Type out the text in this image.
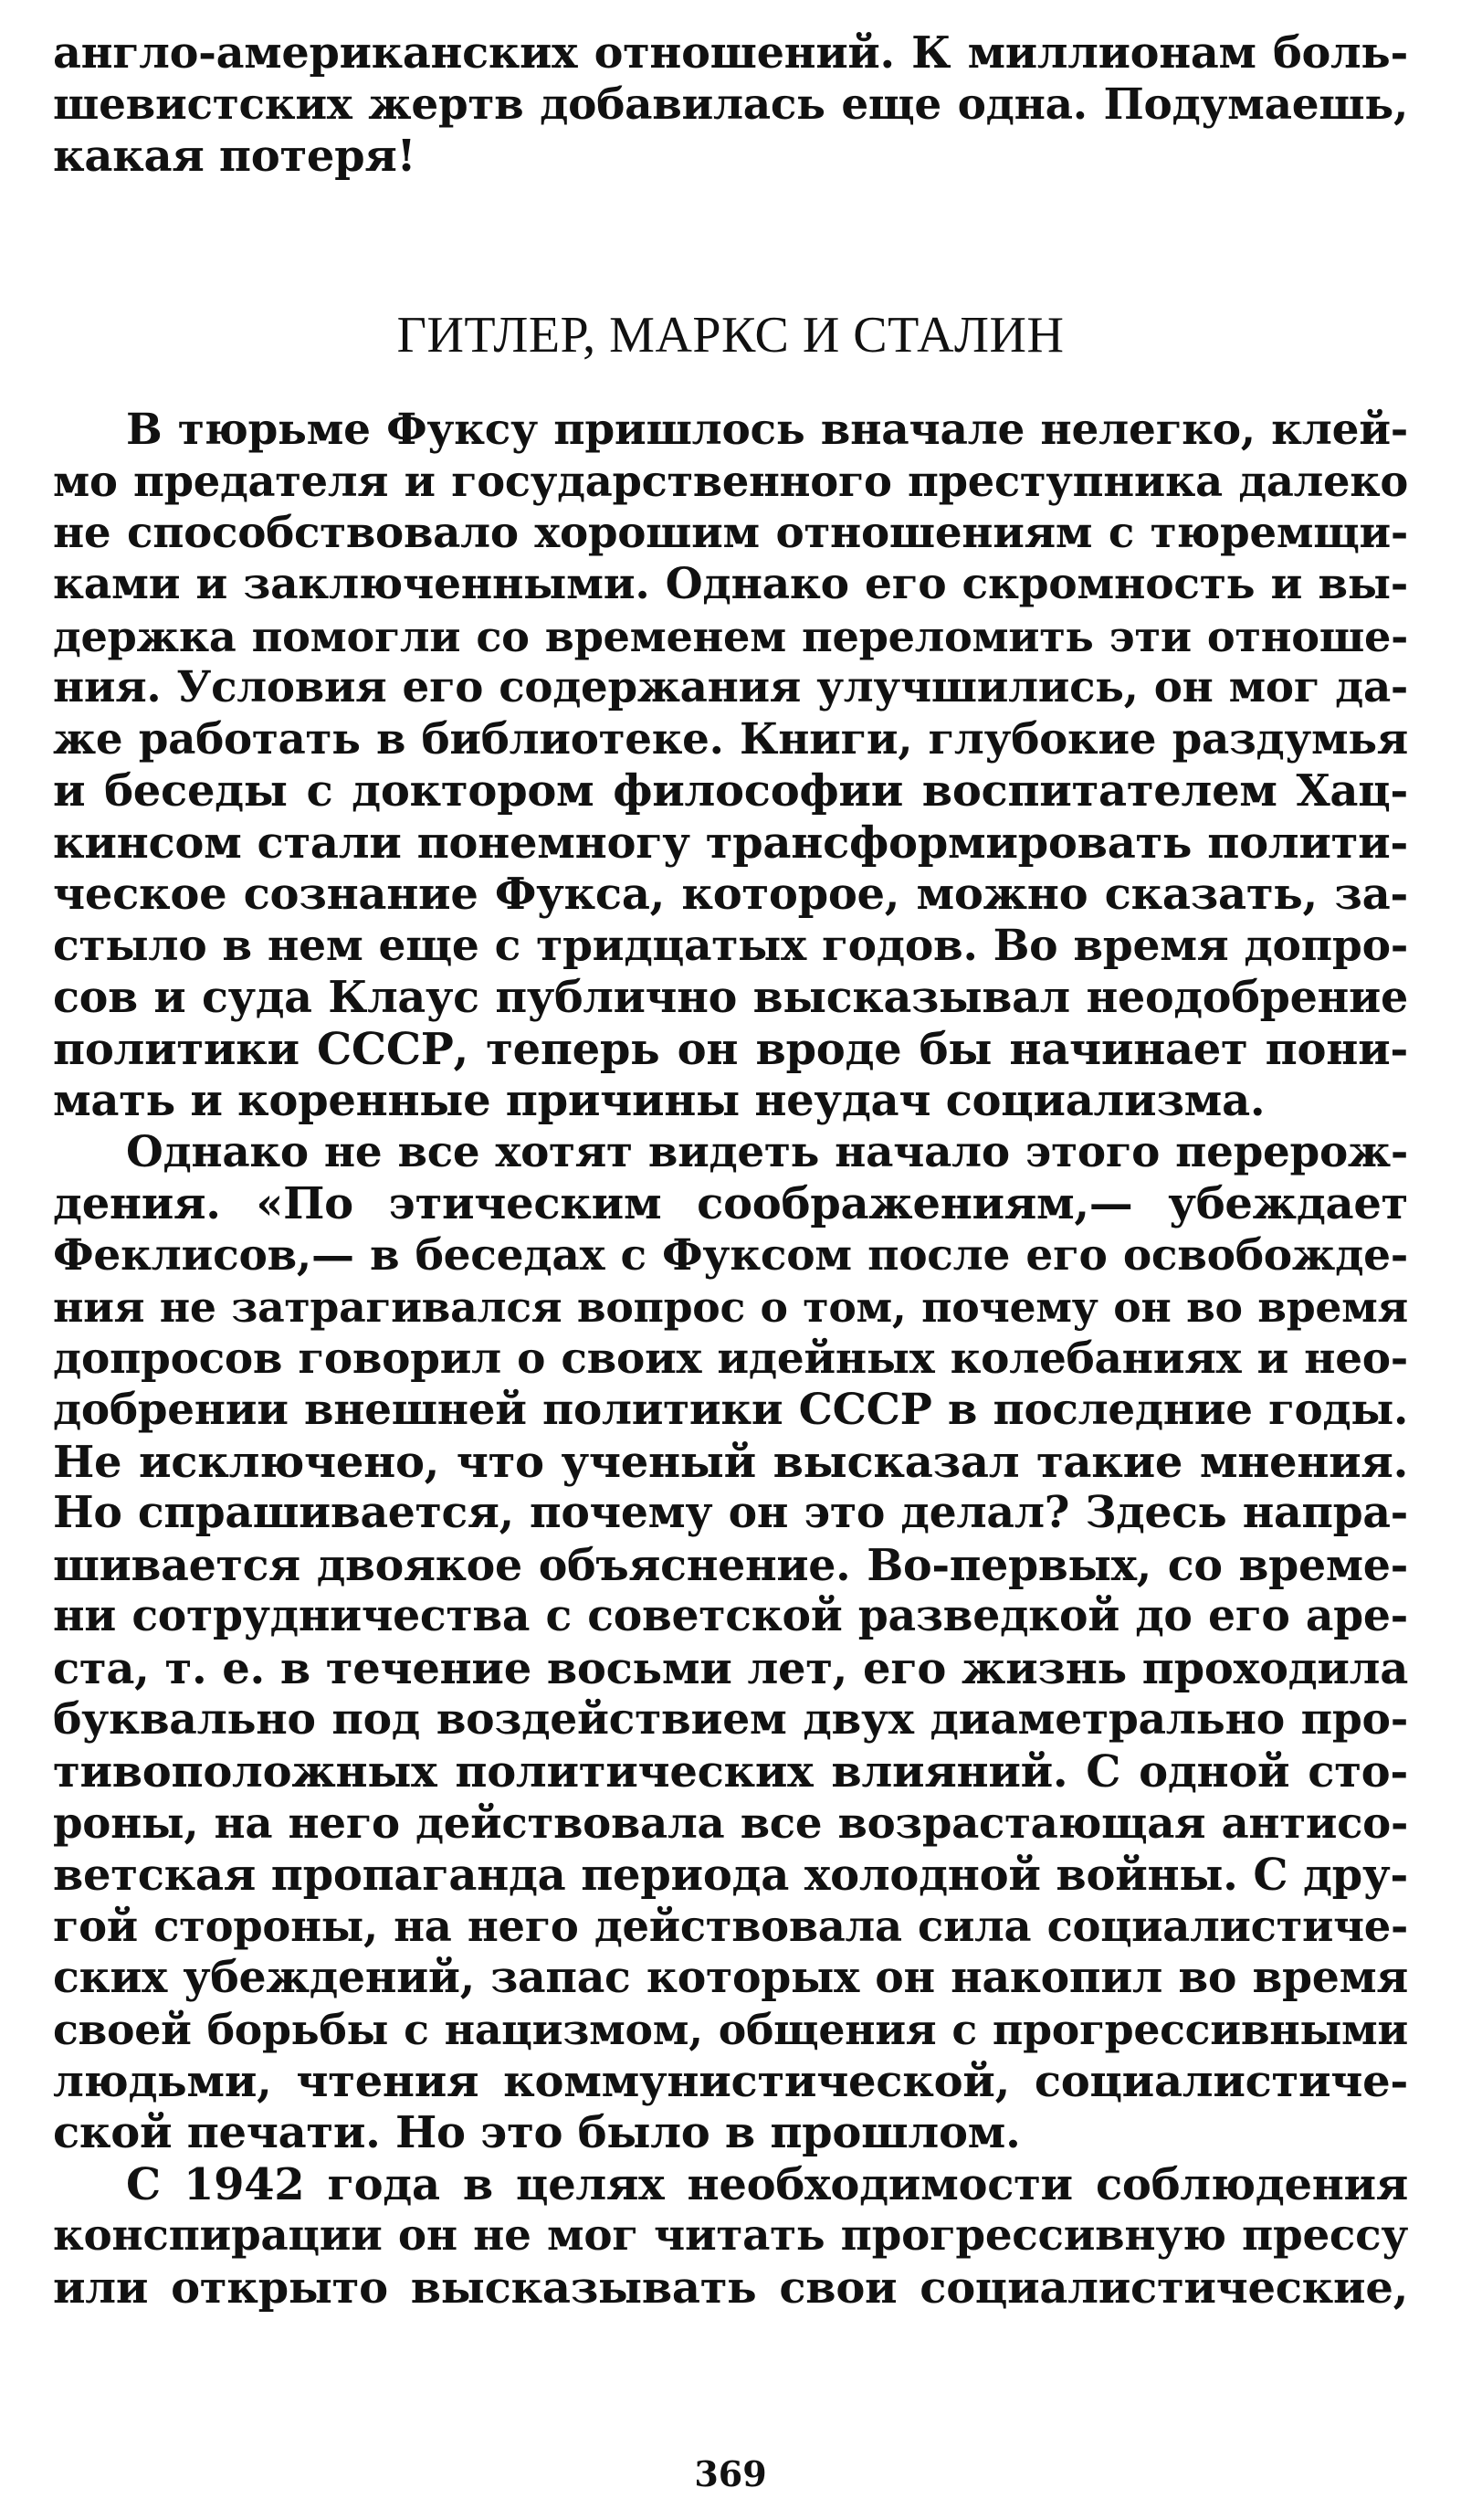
англо-американских отношений. К миллионам боль-
шевистских жертв добавилась еще одна. Подумаешь,
какая потеря!
ГИТЛЕР, МАРКС И СТАЛИН
В тюрьме Фуксу пришлось вначале нелегко, клей-
мо предателя и государственного преступника далеко
не способствовало хорошим отношениям с тюремщи-
ками и заключенными. Однако его скромность и вы-
держка помогли со временем переломить эти отноше-
ния. Условия его содержания улучшились, он мог да-
же работать в библиотеке. Книги, глубокие раздумья
и беседы с доктором философии воспитателем Хац-
кинсом стали понемногу трансформировать полити-
ческое сознание Фукса, которое, можно сказать, за-
стыло в нем еще с тридцатых годов. Во время допро-
сов и суда Клаус публично высказывал неодобрение
политики СССР, теперь он вроде бы начинает пони-
мать и коренные причины неудач социализма.
Однако не все хотят видеть начало этого перерож-
дения. «По этическим соображениям,— убеждает
Феклисов,— в беседах с Фуксом после его освобожде-
ния не затрагивался вопрос о том, почему он во время
допросов говорил о своих идейных колебаниях и нео-
добрении внешней политики СССР в последние годы.
Не исключено, что ученый высказал такие мнения.
Но спрашивается, почему он это делал? Здесь напра-
шивается двоякое объяснение. Во-первых, со време-
ни сотрудничества с советской разведкой до его аре-
ста, т. е. в течение восьми лет, его жизнь проходила
буквально под воздействием двух диаметрально про-
тивоположных политических влияний. С одной сто-
роны, на него действовала все возрастающая антисо-
ветская пропаганда периода холодной войны. С дру-
гой стороны, на него действовала сила социалистиче-
ских убеждений, запас которых он накопил во время
своей борьбы с нацизмом, общения с прогрессивными
людьми, чтения коммунистической, социалистиче-
ской печати. Но это было в прошлом.
С 1942 года в целях необходимости соблюдения
конспирации он не мог читать прогрессивную прессу
или открыто высказывать свои социалистические,
369
